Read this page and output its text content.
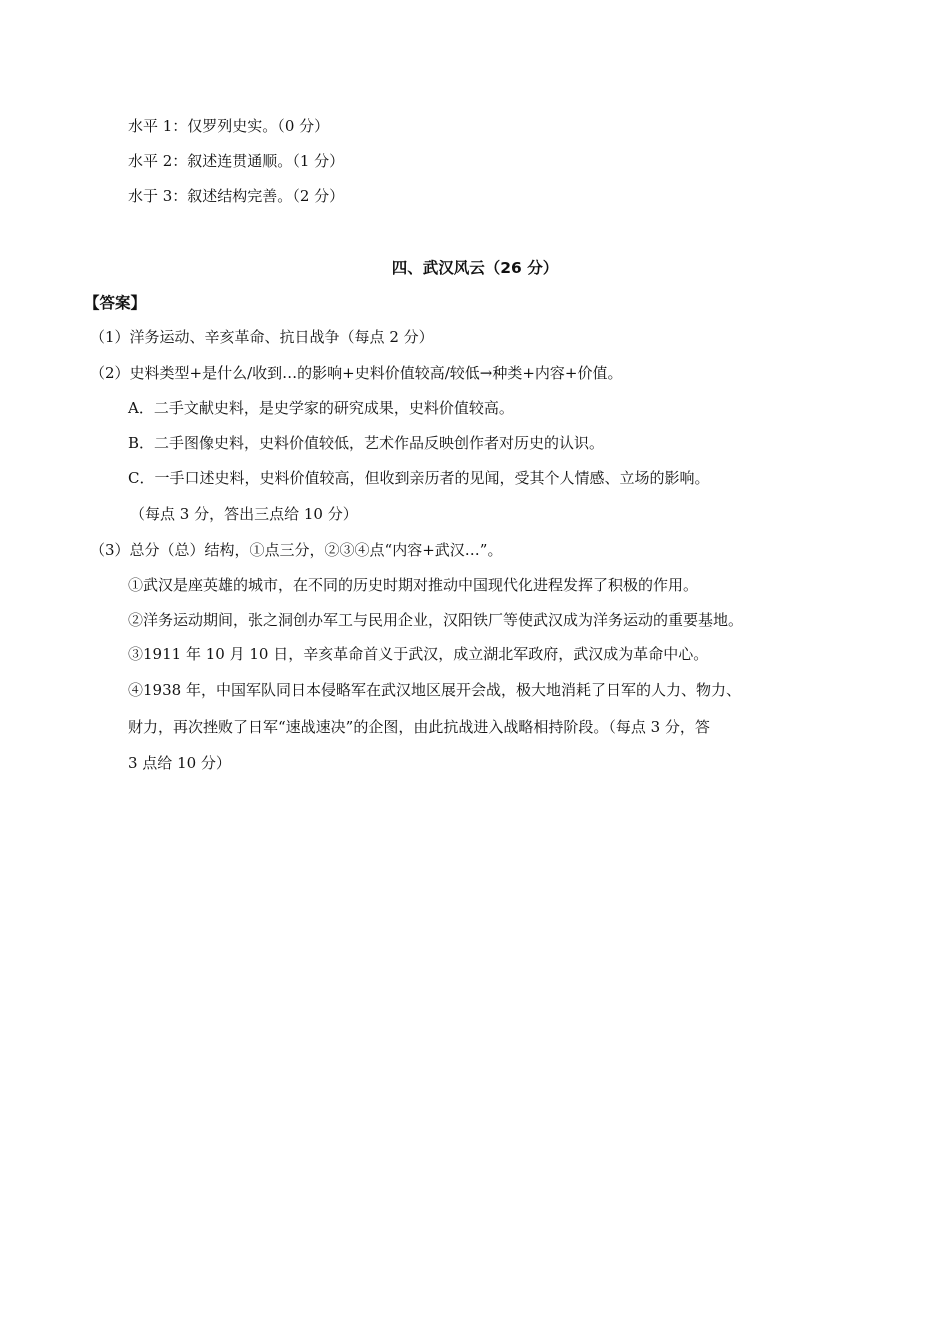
水平 1：仅罗列史实。（0 分）
水平 2：叙述连贯通顺。（1 分）
水于 3：叙述结构完善。（2 分）
四、武汉风云（26 分）
【答案】
（1）洋务运动、辛亥革命、抗日战争（每点 2 分）
（2）史料类型+是什么/收到…的影响+史料价值较高/较低→种类+内容+价值。
A．二手文献史料，是史学家的研究成果，史料价值较高。
B．二手图像史料，史料价值较低，艺术作品反映创作者对历史的认识。
C．一手口述史料，史料价值较高，但收到亲历者的见闻，受其个人情感、立场的影响。
（每点 3 分，答出三点给 10 分）
（3）总分（总）结构，①点三分，②③④点“内容+武汉…”。
①武汉是座英雄的城市，在不同的历史时期对推动中国现代化进程发挥了积极的作用。
②洋务运动期间，张之洞创办军工与民用企业，汉阳铁厂等使武汉成为洋务运动的重要基地。
③1911 年 10 月 10 日，辛亥革命首义于武汉，成立湖北军政府，武汉成为革命中心。
④1938 年，中国军队同日本侵略军在武汉地区展开会战，极大地消耗了日军的人力、物力、
财力，再次挫败了日军“速战速决”的企图，由此抗战进入战略相持阶段。（每点 3 分，答
3 点给 10 分）
